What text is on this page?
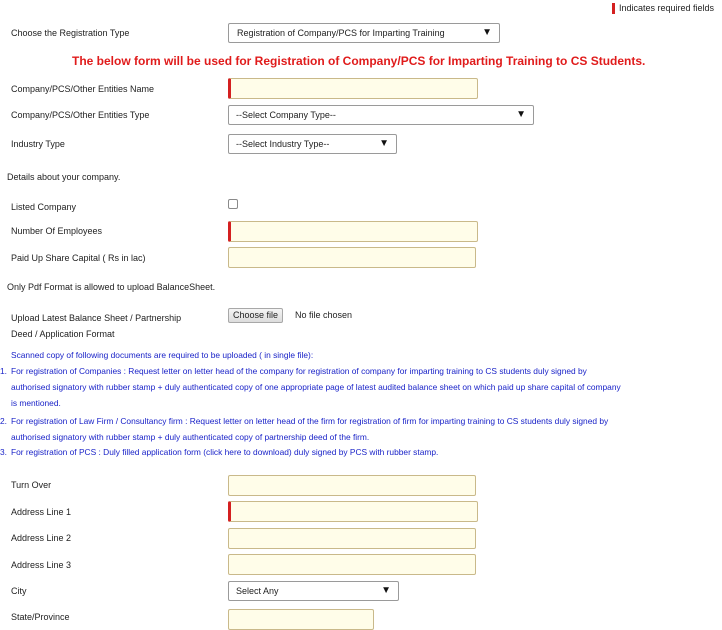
Indicates required fields
Choose the Registration Type	Registration of Company/PCS for Imparting Training	▼
The below form will be used for Registration of Company/PCS for Imparting Training to CS Students.
Company/PCS/Other Entities Name
Company/PCS/Other Entities Type	--Select Company Type--	▼
Industry Type	--Select Industry Type--	▼
Details about your company.
Listed Company
Number Of Employees
Paid Up Share Capital ( Rs in lac)
Only Pdf Format is allowed to upload BalanceSheet.
Upload Latest Balance Sheet / Partnership
Deed / Application Format
Choose file	No file chosen
Scanned copy of following documents are required to be uploaded ( in single file):
1. For registration of Companies : Request letter on letter head of the company for registration of company for imparting training to CS students duly signed by
authorised signatory with rubber stamp + duly authenticated copy of one appropriate page of latest audited balance sheet on which paid up share capital of company
is mentioned.
2. For registration of Law Firm / Consultancy firm : Request letter on letter head of the firm for registration of firm for imparting training to CS students duly signed by
authorised signatory with rubber stamp + duly authenticated copy of partnership deed of the firm.
3. For registration of PCS : Duly filled application form (click here to download) duly signed by PCS with rubber stamp.
Turn Over
Address Line 1
Address Line 2
Address Line 3
City	Select Any	▼
State/Province
